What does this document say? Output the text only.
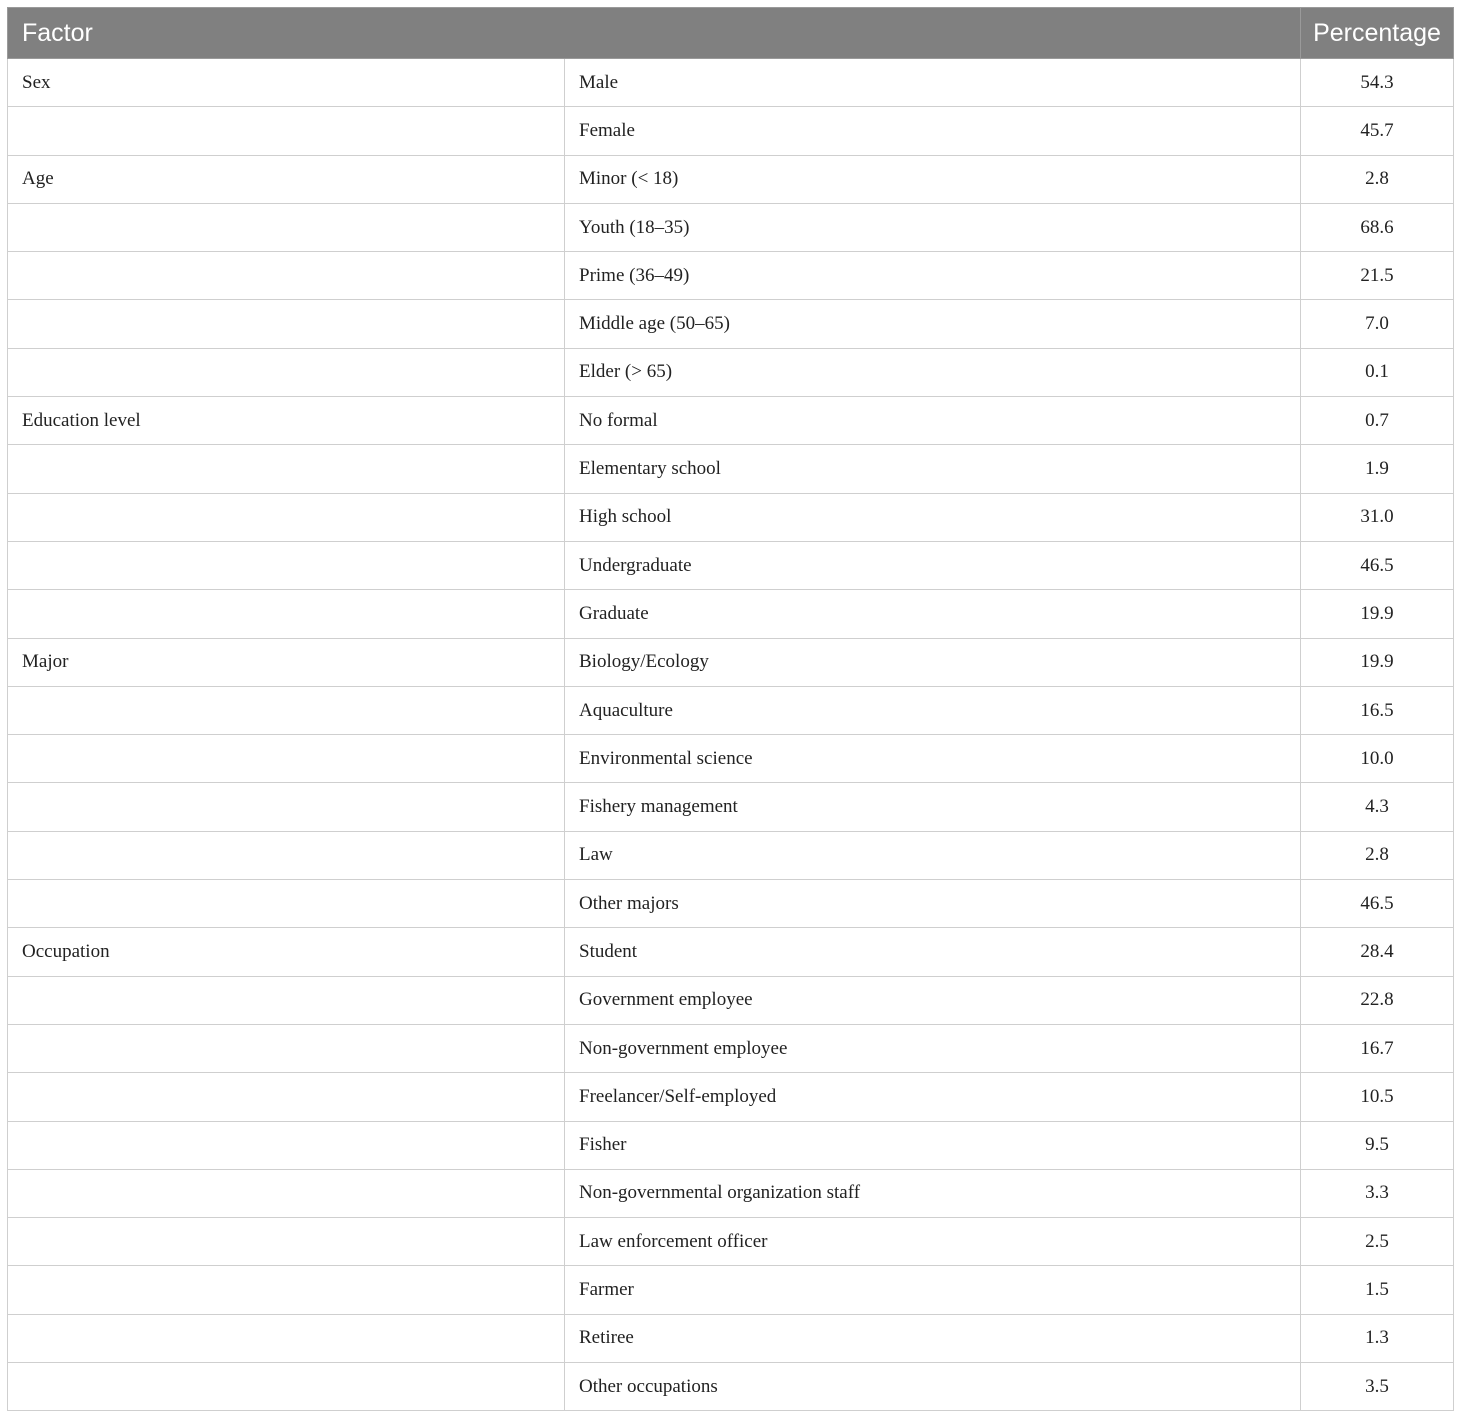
Factor		Percentage
Sex	Male	54.3
	Female	45.7
Age	Minor (< 18)	2.8
	Youth (18–35)	68.6
	Prime (36–49)	21.5
	Middle age (50–65)	7.0
	Elder (> 65)	0.1
Education level	No formal	0.7
	Elementary school	1.9
	High school	31.0
	Undergraduate	46.5
	Graduate	19.9
Major	Biology/Ecology	19.9
	Aquaculture	16.5
	Environmental science	10.0
	Fishery management	4.3
	Law	2.8
	Other majors	46.5
Occupation	Student	28.4
	Government employee	22.8
	Non-government employee	16.7
	Freelancer/Self-employed	10.5
	Fisher	9.5
	Non-governmental organization staff	3.3
	Law enforcement officer	2.5
	Farmer	1.5
	Retiree	1.3
	Other occupations	3.5
